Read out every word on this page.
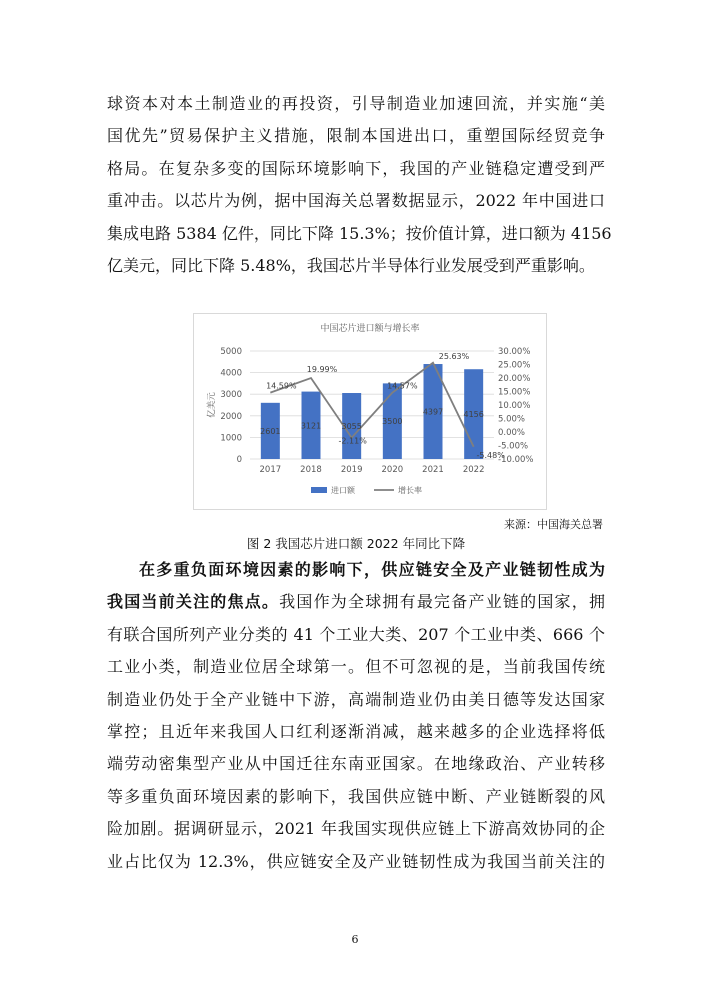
球资本对本土制造业的再投资，引导制造业加速回流，并实施“美
国优先”贸易保护主义措施，限制本国进出口，重塑国际经贸竞争
格局。在复杂多变的国际环境影响下，我国的产业链稳定遭受到严
重冲击。以芯片为例，据中国海关总署数据显示，2022 年中国进口
集成电路 5384 亿件，同比下降 15.3%；按价值计算，进口额为 4156
亿美元，同比下降 5.48%，我国芯片半导体行业发展受到严重影响。
中国芯片进口额与增长率
0
1000
2000
3000
4000
5000
-10.00%
-5.00%
0.00%
5.00%
10.00%
15.00%
20.00%
25.00%
30.00%
亿美元
2017 2018 2019 2020 2021 2022
2601
3121	3055
3500
4397	4156
14.59%
19.99%
-2.11%
14.57%
25.63%
-5.48%
进口额	增长率
来源：中国海关总署
图 2 我国芯片进口额 2022 年同比下降
在多重负面环境因素的影响下，供应链安全及产业链韧性成为
我国当前关注的焦点。我国作为全球拥有最完备产业链的国家，拥
有联合国所列产业分类的 41 个工业大类、207 个工业中类、666 个
工业小类，制造业位居全球第一。但不可忽视的是，当前我国传统
制造业仍处于全产业链中下游，高端制造业仍由美日德等发达国家
掌控；且近年来我国人口红利逐渐消减，越来越多的企业选择将低
端劳动密集型产业从中国迁往东南亚国家。在地缘政治、产业转移
等多重负面环境因素的影响下，我国供应链中断、产业链断裂的风
险加剧。据调研显示，2021 年我国实现供应链上下游高效协同的企
业占比仅为 12.3%，供应链安全及产业链韧性成为我国当前关注的
6
